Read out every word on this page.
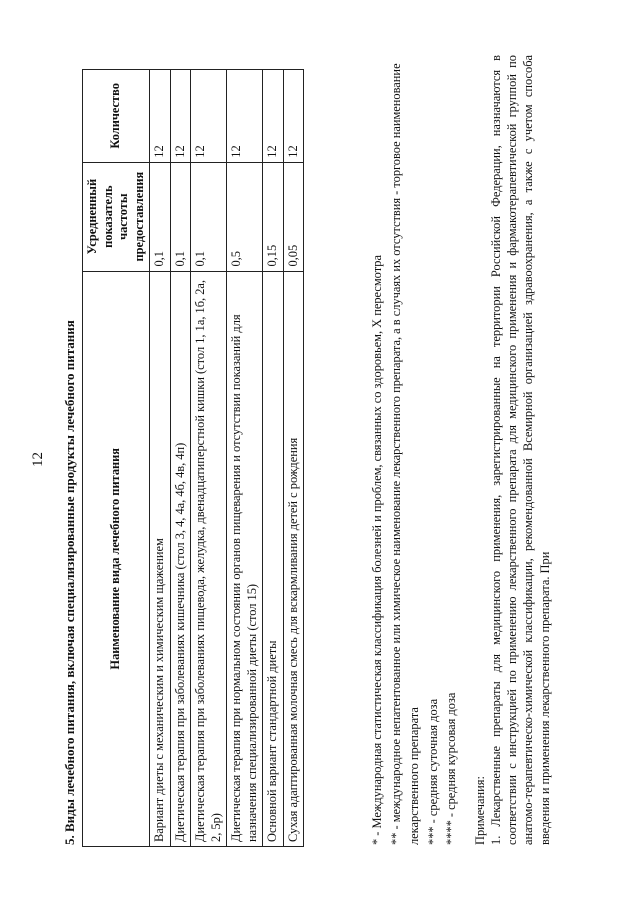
12 5. Виды лечебного питания, включая специализированные продукты лечебного питания	Наименование вида лечебного питания	Усредненный показатель частоты предоставления	Количество
Вариант диеты с механическим и химическим щажением	0,1	12
Диетическая терапия при заболеваниях кишечника (стол 3, 4, 4а, 4б, 4в, 4п)	0,1	12
Диетическая терапия при заболеваниях пищевода, желудка, двенадцатиперстной кишки (стол 1, 1а, 1б, 2а, 2, 5р)	0,1	12
Диетическая терапия при нормальном состоянии органов пищеварения и отсутствии показаний для назначения специализированной диеты (стол 15)	0,5	12
Основной вариант стандартной диеты	0,15	12
Сухая адаптированная молочная смесь для вскармливания детей с рождения	0,05	12

* - Международная статистическая классификация болезней и проблем, связанных со здоровьем, X пересмотра ** - международное непатентованное или химическое наименование лекарственного препарата, а в случаях их отсутствия - торговое наименование лекарственного препарата *** - средняя суточная доза **** - средняя курсовая доза Примечания: 1. Лекарственные препараты для медицинского применения, зарегистрированные на территории Российской Федерации, назначаются в соответствии с инструкцией по применению лекарственного препарата для медицинского применения и фармакотерапевтической группой по анатомо-терапевтическо-химической классификации, рекомендованной Всемирной организацией здравоохранения, а также с учетом способа введения и применения лекарственного препарата. При
